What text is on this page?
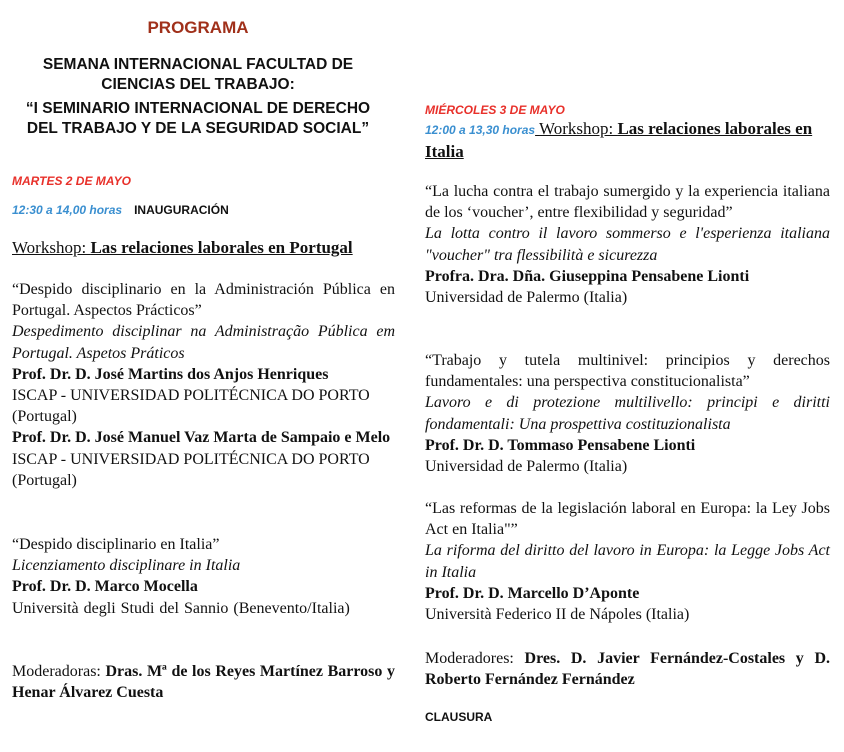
PROGRAMA
SEMANA INTERNACIONAL FACULTAD DE
CIENCIAS DEL TRABAJO:
“I SEMINARIO INTERNACIONAL DE DERECHO
DEL TRABAJO Y DE LA SEGURIDAD SOCIAL”
MARTES 2 DE MAYO
12:30 a 14,00 horas INAUGURACIÓN
Workshop: Las relaciones laborales en Portugal
“Despido disciplinario en la Administración Pública en Portugal. Aspectos Prácticos”
Despedimento disciplinar na Administração Pública em Portugal. Aspetos Práticos
Prof. Dr. D. José Martins dos Anjos Henriques
ISCAP - UNIVERSIDAD POLITÉCNICA DO PORTO (Portugal)
Prof. Dr. D. José Manuel Vaz Marta de Sampaio e Melo
ISCAP - UNIVERSIDAD POLITÉCNICA DO PORTO (Portugal)
“Despido disciplinario en Italia”
Licenziamento disciplinare in Italia
Prof. Dr. D. Marco Mocella
Università degli Studi del Sannio (Benevento/Italia)
Moderadoras: Dras. Mª de los Reyes Martínez Barroso y Henar Álvarez Cuesta
MIÉRCOLES 3 DE MAYO
12:00 a 13,30 horas Workshop: Las relaciones laborales en Italia
“La lucha contra el trabajo sumergido y la experiencia italiana de los ‘voucher’, entre flexibilidad y seguridad”
La lotta contro il lavoro sommerso e l'esperienza italiana "voucher" tra flessibilità e sicurezza
Profra. Dra. Dña. Giuseppina Pensabene Lionti
Universidad de Palermo (Italia)
“Trabajo y tutela multinivel: principios y derechos fundamentales: una perspectiva constitucionalista”
Lavoro e di protezione multilivello: principi e diritti fondamentali: Una prospettiva costituzionalista
Prof. Dr. D. Tommaso Pensabene Lionti
Universidad de Palermo (Italia)
“Las reformas de la legislación laboral en Europa: la Ley Jobs Act en Italia"”
La riforma del diritto del lavoro in Europa: la Legge Jobs Act in Italia
Prof. Dr. D. Marcello D’Aponte
Università Federico II de Nápoles (Italia)
Moderadores: Dres. D. Javier Fernández-Costales y D. Roberto Fernández Fernández
CLAUSURA
